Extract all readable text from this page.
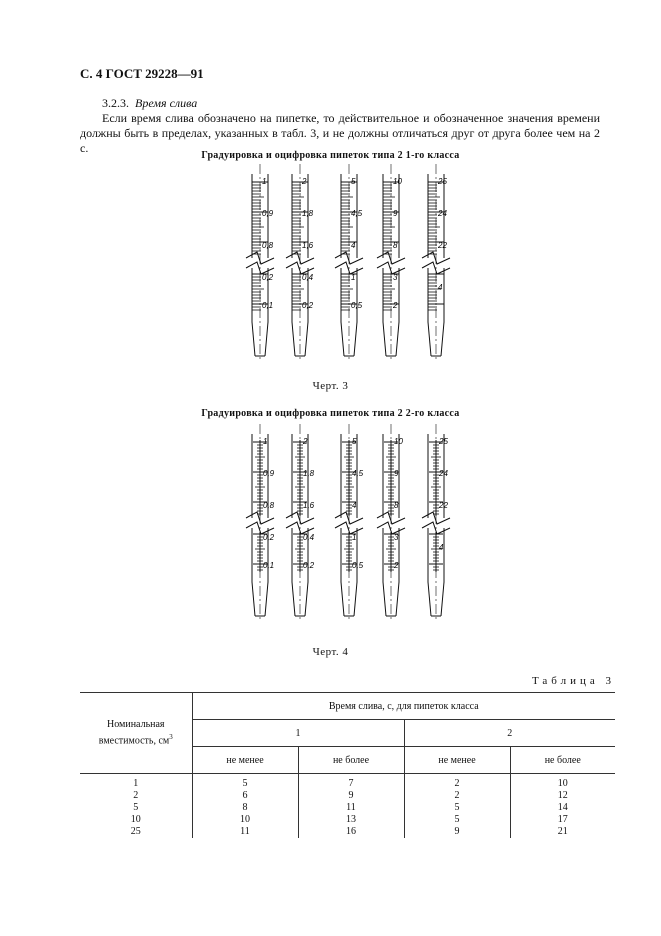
С. 4 ГОСТ 29228—91
3.2.3. Время слива
Если время слива обозначено на пипетке, то действительное и обозначенное значения времени должны быть в пределах, указанных в табл. 3, и не должны отличаться друг от друга более чем на 2 с.
Градуировка и оцифровка пипеток типа 2 1-го класса
1
0,9
0,8
0,2
0,1
2
1,8
1,6
0,4
0,2
5
4,5
4
1
0,5
10
9
8
3
2
25
24
22
4
Черт. 3
Градуировка и оцифровка пипеток типа 2 2-го класса
1
0,9
0,8
0,2
0,1
2
1,8
1,6
0,4
0,2
5
4,5
4
1
0,5
10
9
8
3
2
25
24
22
4
Черт. 4
Таблица 3
Номинальная вместимость, $см^3$	Время слива, с, для пипеток класса			
	1		2	
	не менее	не более	не менее	не более
1	5	7	2	10
2	6	9	2	12
5	8	11	5	14
10	10	13	5	17
25	11	16	9	21
